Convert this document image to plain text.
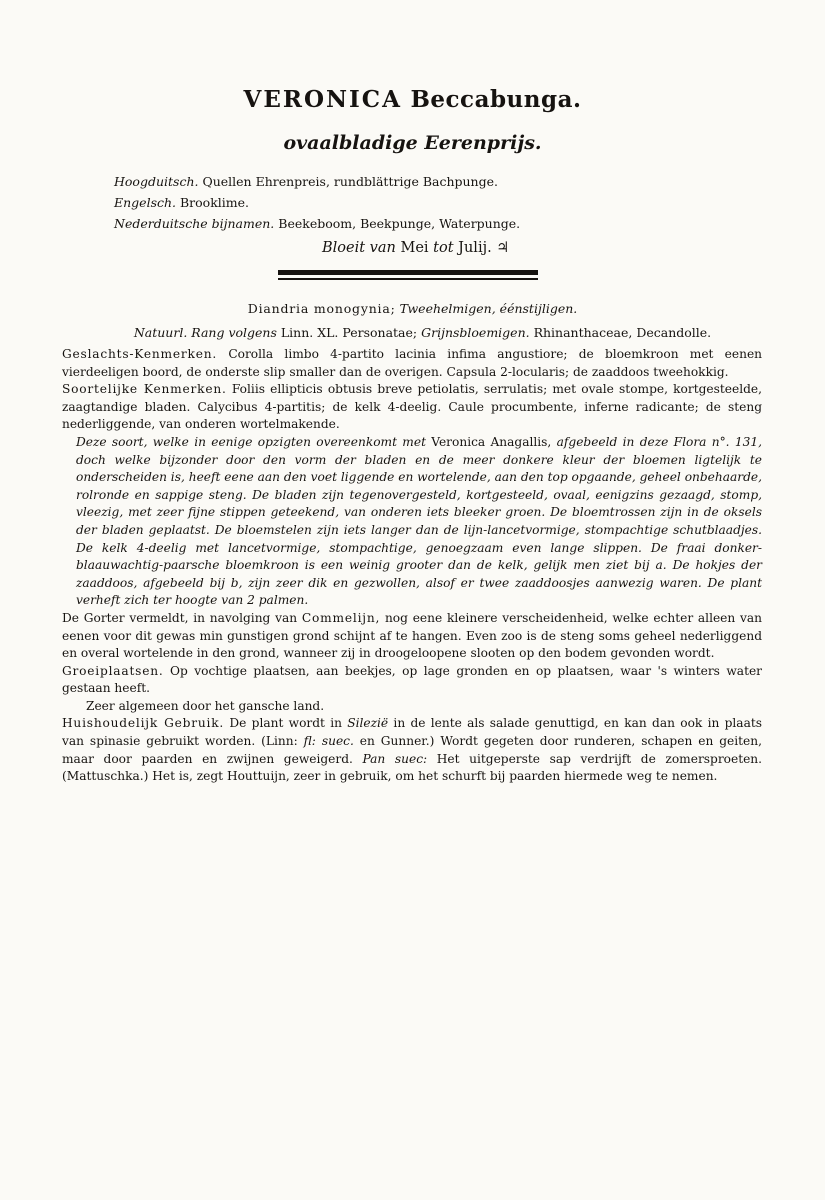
VERONICA Beccabunga.
ovaalbladige Eerenprijs.
Hoogduitsch. Quellen Ehrenpreis, rundblättrige Bachpunge.
Engelsch. Brooklime.
Nederduitsche bijnamen. Beekeboom, Beekpunge, Waterpunge.
Bloeit van Mei tot Julij. ♃
Diandria monogynia; Tweehelmigen, éénstijligen.
Natuurl. Rang volgens Linn. XL. Personatae; Grijnsbloemigen. Rhinanthaceae, Decandolle.

Geslachts-Kenmerken. Corolla limbo 4-partito lacinia infima angustiore; de bloemkroon met eenen vierdeeligen boord, de onderste slip smaller dan de overigen. Capsula 2-locularis; de zaaddoos tweehokkig.

Soortelijke Kenmerken. Foliis ellipticis obtusis breve petiolatis, serrulatis; met ovale stompe, kortgesteelde, zaagtandige bladen. Calycibus 4-partitis; de kelk 4-deelig. Caule procumbente, inferne radicante; de steng nederliggende, van onderen wortelmakende.

Deze soort, welke in eenige opzigten overeenkomt met Veronica Anagallis, afgebeeld in deze Flora n°. 131, doch welke bijzonder door den vorm der bladen en de meer donkere kleur der bloemen ligtelijk te onderscheiden is, heeft eene aan den voet liggende en wortelende, aan den top opgaande, geheel onbehaarde, rolronde en sappige steng. De bladen zijn tegenovergesteld, kortgesteeld, ovaal, eenigzins gezaagd, stomp, vleezig, met zeer fijne stippen geteekend, van onderen iets bleeker groen. De bloemtrossen zijn in de oksels der bladen geplaatst. De bloemstelen zijn iets langer dan de lijn-lancetvormige, stompachtige schutblaadjes. De kelk 4-deelig met lancetvormige, stompachtige, genoegzaam even lange slippen. De fraai donker-blaauwachtig-paarsche bloemkroon is een weinig grooter dan de kelk, gelijk men ziet bij a. De hokjes der zaaddoos, afgebeeld bij b, zijn zeer dik en gezwollen, alsof er twee zaaddoosjes aanwezig waren. De plant verheft zich ter hoogte van 2 palmen.

De Gorter vermeldt, in navolging van Commelijn, nog eene kleinere verscheidenheid, welke echter alleen van eenen voor dit gewas min gunstigen grond schijnt af te hangen. Even zoo is de steng soms geheel nederliggend en overal wortelende in den grond, wanneer zij in droogeloopene slooten op den bodem gevonden wordt.

Groeiplaatsen. Op vochtige plaatsen, aan beekjes, op lage gronden en op plaatsen, waar 's winters water gestaan heeft.

Zeer algemeen door het gansche land.

Huishoudelijk Gebruik. De plant wordt in Silezië in de lente als salade genuttigd, en kan dan ook in plaats van spinasie gebruikt worden. (Linn: fl: suec. en Gunner.) Wordt gegeten door runderen, schapen en geiten, maar door paarden en zwijnen geweigerd. Pan suec: Het uitgeperste sap verdrijft de zomersproeten. (Mattuschka.) Het is, zegt Houttuijn, zeer in gebruik, om het schurft bij paarden hiermede weg te nemen.
